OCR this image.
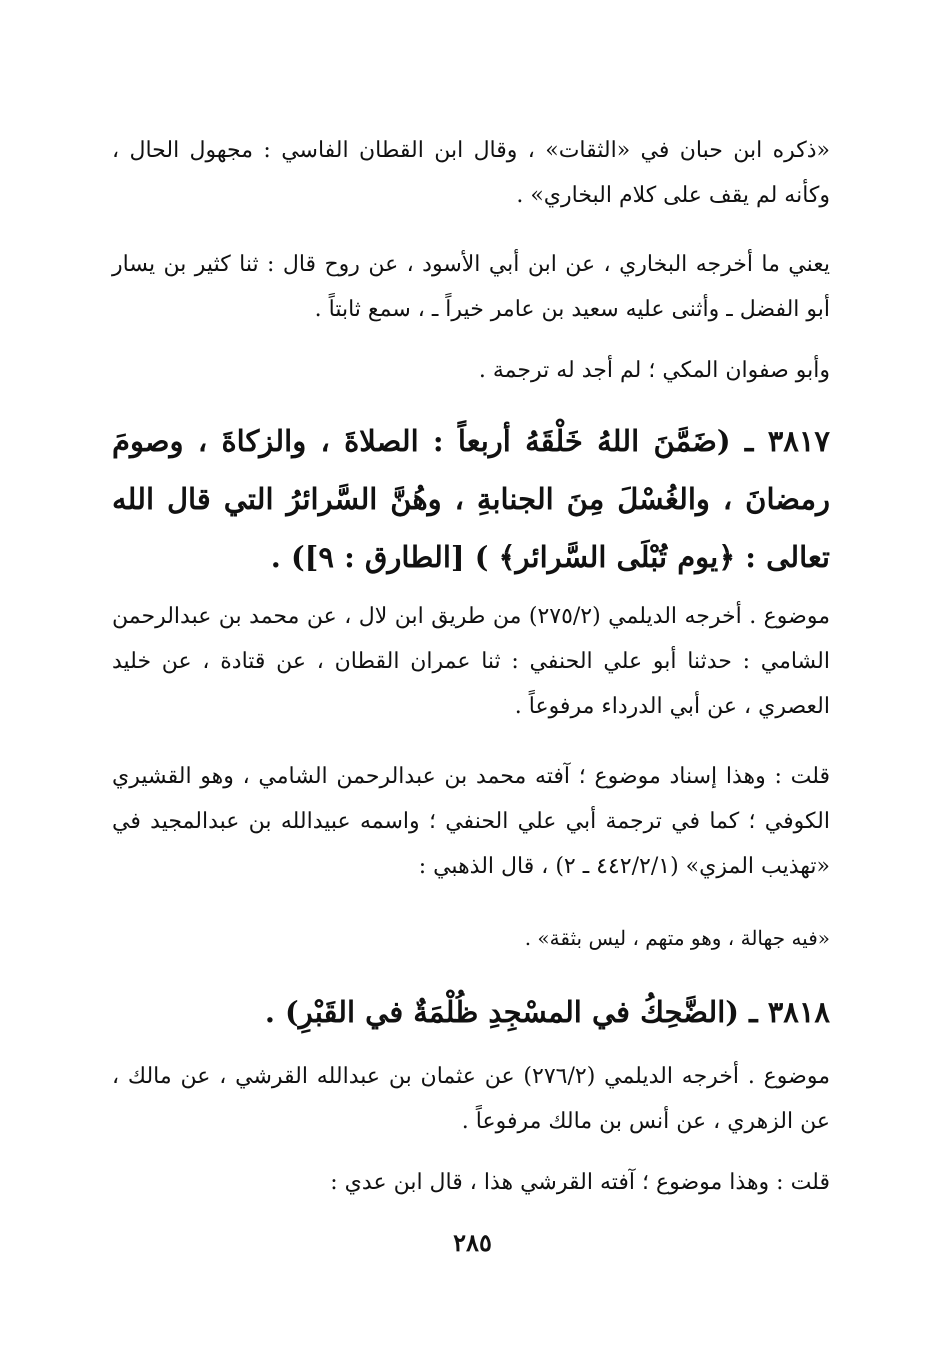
«ذكره ابن حبان في «الثقات» ، وقال ابن القطان الفاسي : مجهول الحال ، وكأنه لم يقف على كلام البخاري» .

يعني ما أخرجه البخاري ، عن ابن أبي الأسود ، عن روح قال : ثنا كثير بن يسار أبو الفضل ـ وأثنى عليه سعيد بن عامر خيراً ـ ، سمع ثابتاً .

وأبو صفوان المكي ؛ لم أجد له ترجمة .

٣٨١٧ ـ (ضَمَّنَ اللهُ خَلْقَهُ أربعاً : الصلاةَ ، والزكاةَ ، وصومَ رمضانَ ، والغُسْلَ مِنَ الجنابةِ ، وهُنَّ السَّرائرُ التي قال الله تعالى : ﴿يوم تُبْلَى السَّرائر﴾ ) [الطارق : ٩]) .

موضوع . أخرجه الديلمي (٢٧٥/٢) من طريق ابن لال ، عن محمد بن عبدالرحمن الشامي : حدثنا أبو علي الحنفي : ثنا عمران القطان ، عن قتادة ، عن خليد العصري ، عن أبي الدرداء مرفوعاً .

قلت : وهذا إسناد موضوع ؛ آفته محمد بن عبدالرحمن الشامي ، وهو القشيري الكوفي ؛ كما في ترجمة أبي علي الحنفي ؛ واسمه عبيدالله بن عبدالمجيد في «تهذيب المزي» (٤٤٢/٢/١ ـ ٢) ، قال الذهبي :

«فيه جهالة ، وهو متهم ، ليس بثقة» .

٣٨١٨ ـ (الضَّحِكُ في المسْجِدِ ظُلْمَةٌ في القَبْرِ) .

موضوع . أخرجه الديلمي (٢٧٦/٢) عن عثمان بن عبدالله القرشي ، عن مالك ، عن الزهري ، عن أنس بن مالك مرفوعاً .

قلت : وهذا موضوع ؛ آفته القرشي هذا ، قال ابن عدي :

٢٨٥
